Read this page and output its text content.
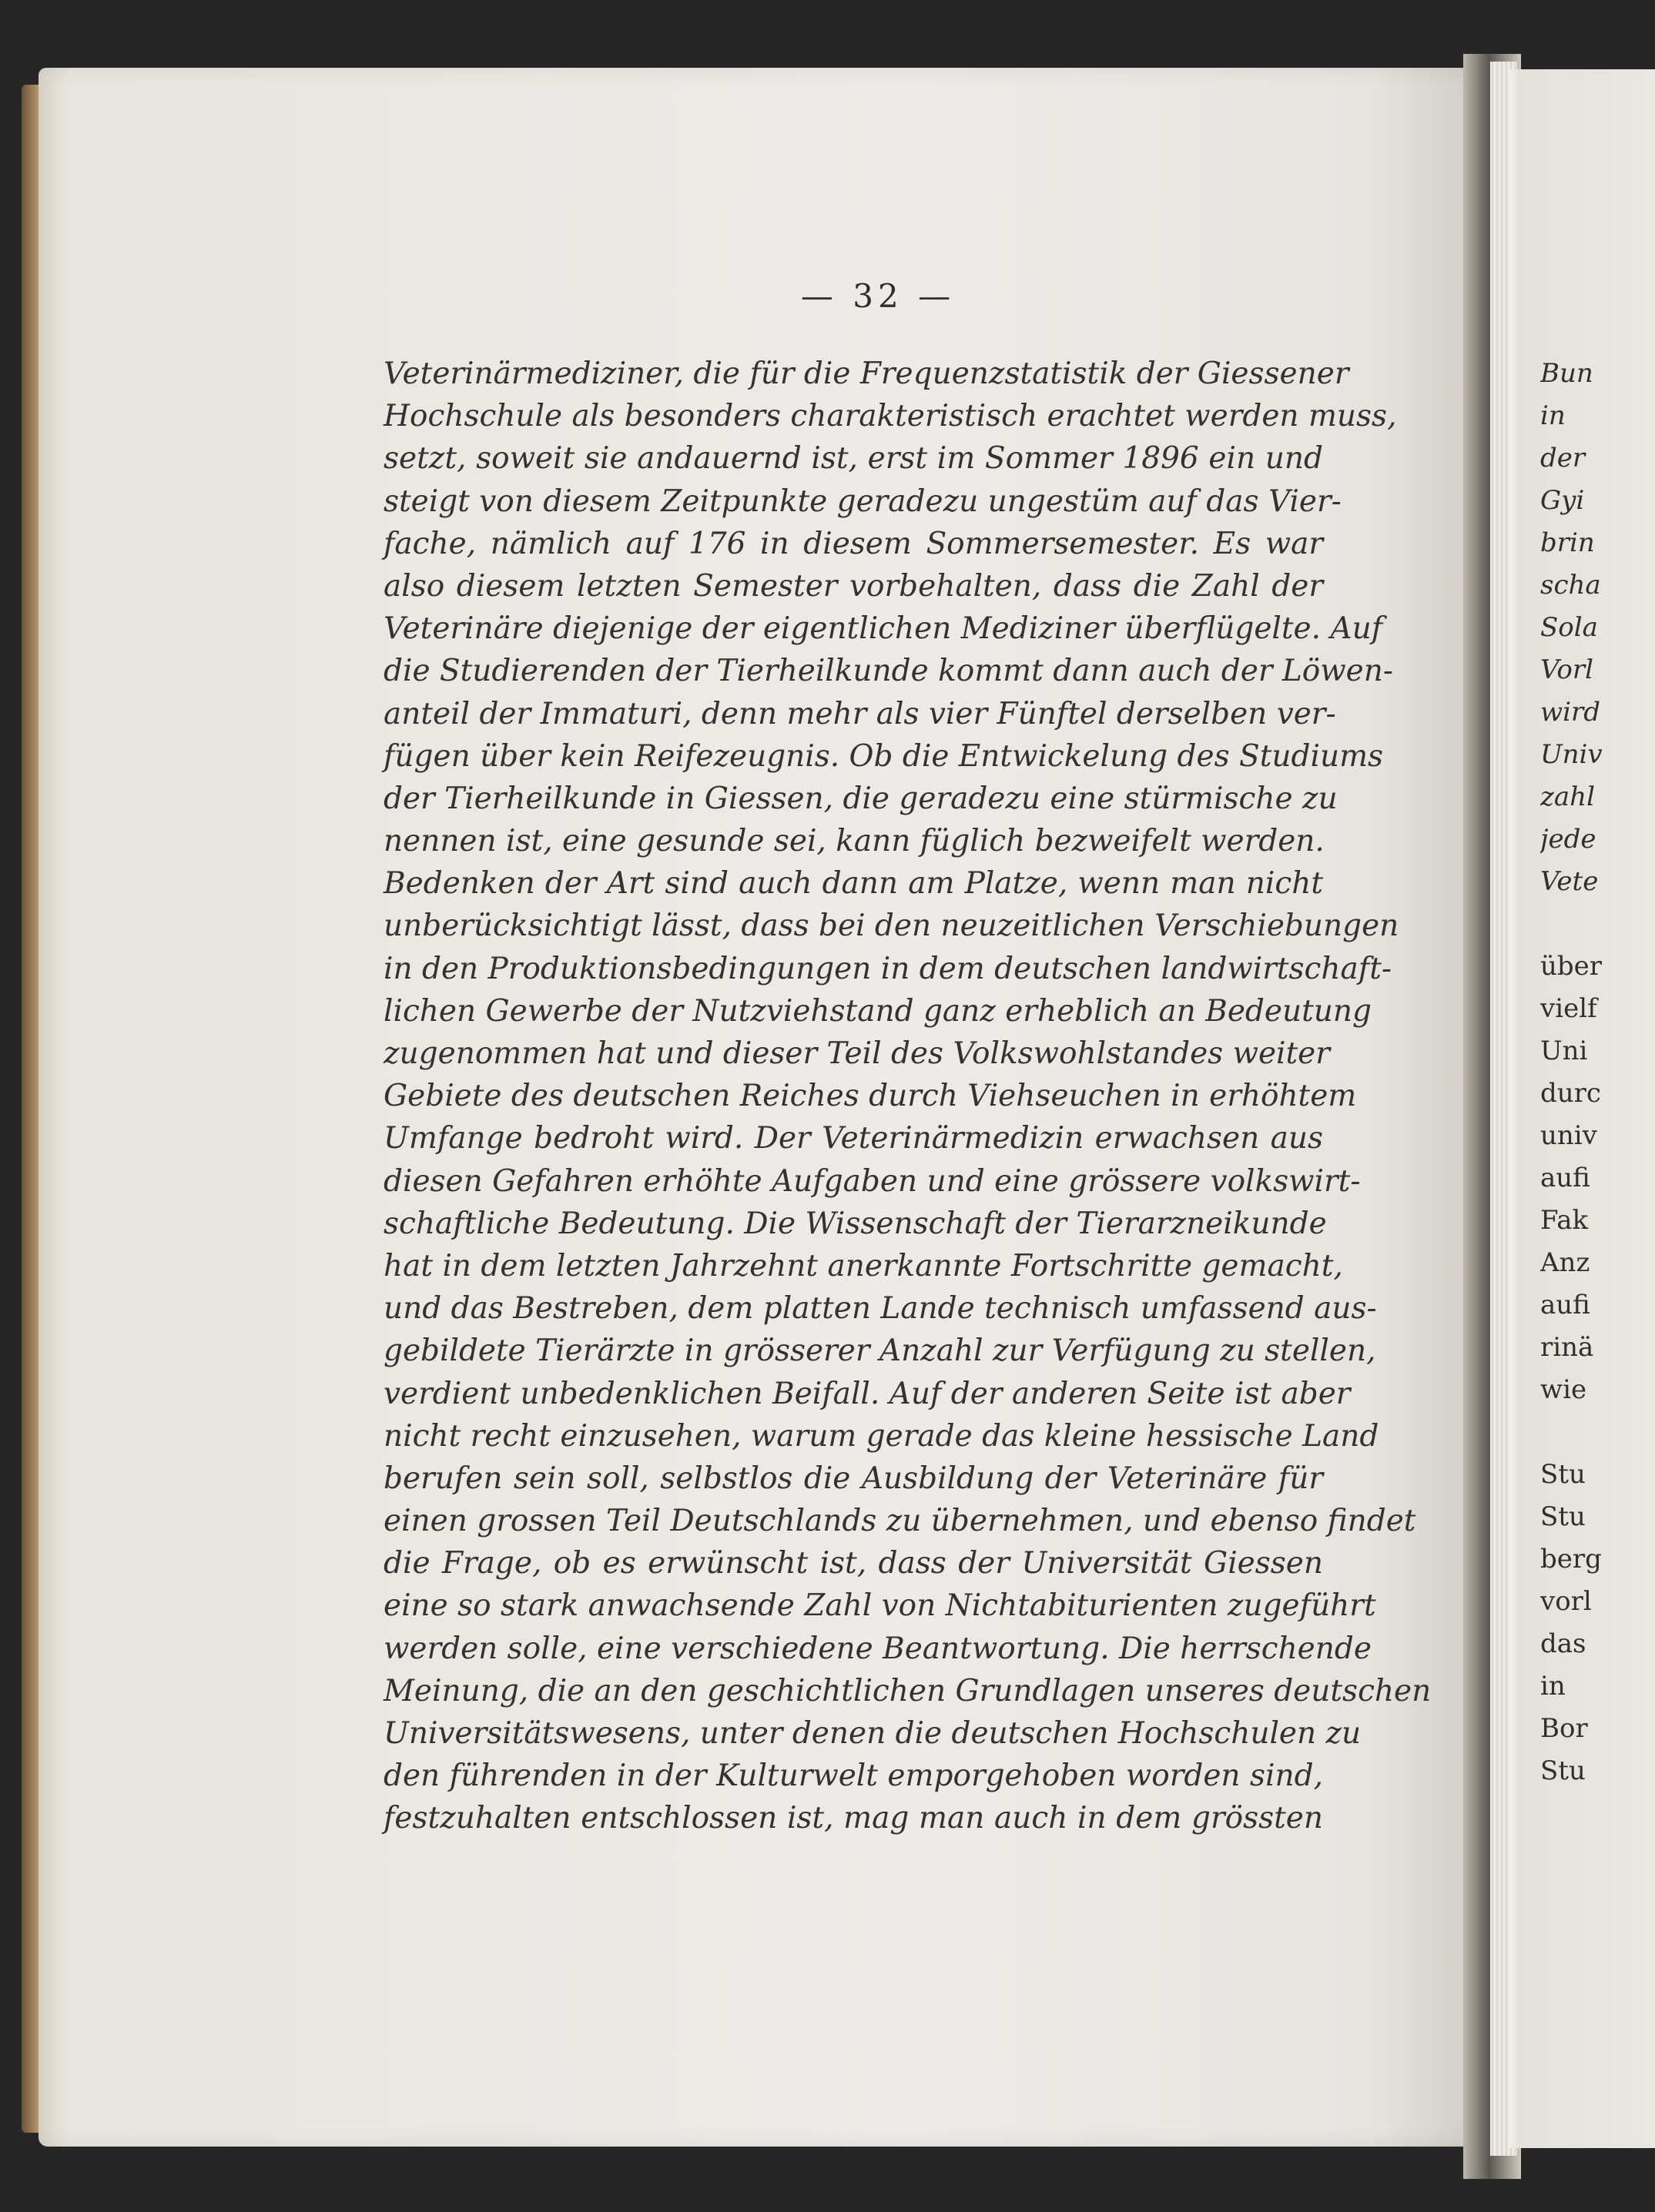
— 32 —
Veterinärmediziner, die für die Frequenzstatistik der Giessener
Hochschule als besonders charakteristisch erachtet werden muss,
setzt, soweit sie andauernd ist, erst im Sommer 1896 ein und
steigt von diesem Zeitpunkte geradezu ungestüm auf das Vier-
fache, nämlich auf 176 in diesem Sommersemester. Es war
also diesem letzten Semester vorbehalten, dass die Zahl der
Veterinäre diejenige der eigentlichen Mediziner überflügelte. Auf
die Studierenden der Tierheilkunde kommt dann auch der Löwen-
anteil der Immaturi, denn mehr als vier Fünftel derselben ver-
fügen über kein Reifezeugnis. Ob die Entwickelung des Studiums
der Tierheilkunde in Giessen, die geradezu eine stürmische zu
nennen ist, eine gesunde sei, kann füglich bezweifelt werden.
Bedenken der Art sind auch dann am Platze, wenn man nicht
unberücksichtigt lässt, dass bei den neuzeitlichen Verschiebungen
in den Produktionsbedingungen in dem deutschen landwirtschaft-
lichen Gewerbe der Nutzviehstand ganz erheblich an Bedeutung
zugenommen hat und dieser Teil des Volkswohlstandes weiter
Gebiete des deutschen Reiches durch Viehseuchen in erhöhtem
Umfange bedroht wird. Der Veterinärmedizin erwachsen aus
diesen Gefahren erhöhte Aufgaben und eine grössere volkswirt-
schaftliche Bedeutung. Die Wissenschaft der Tierarzneikunde
hat in dem letzten Jahrzehnt anerkannte Fortschritte gemacht,
und das Bestreben, dem platten Lande technisch umfassend aus-
gebildete Tierärzte in grösserer Anzahl zur Verfügung zu stellen,
verdient unbedenklichen Beifall. Auf der anderen Seite ist aber
nicht recht einzusehen, warum gerade das kleine hessische Land
berufen sein soll, selbstlos die Ausbildung der Veterinäre für
einen grossen Teil Deutschlands zu übernehmen, und ebenso findet
die Frage, ob es erwünscht ist, dass der Universität Giessen
eine so stark anwachsende Zahl von Nichtabiturienten zugeführt
werden solle, eine verschiedene Beantwortung. Die herrschende
Meinung, die an den geschichtlichen Grundlagen unseres deutschen
Universitätswesens, unter denen die deutschen Hochschulen zu
den führenden in der Kulturwelt emporgehoben worden sind,
festzuhalten entschlossen ist, mag man auch in dem grössten
Bun
in
der
Gyi
brin
scha
Sola
Vorl
wird
Univ
zahl
jede
Vete
über
vielf
Uni
durc
univ
aufi
Fak
Anz
aufi
rinä
wie
Stu
Stu
berg
vorl
das
in
Bor
Stu
